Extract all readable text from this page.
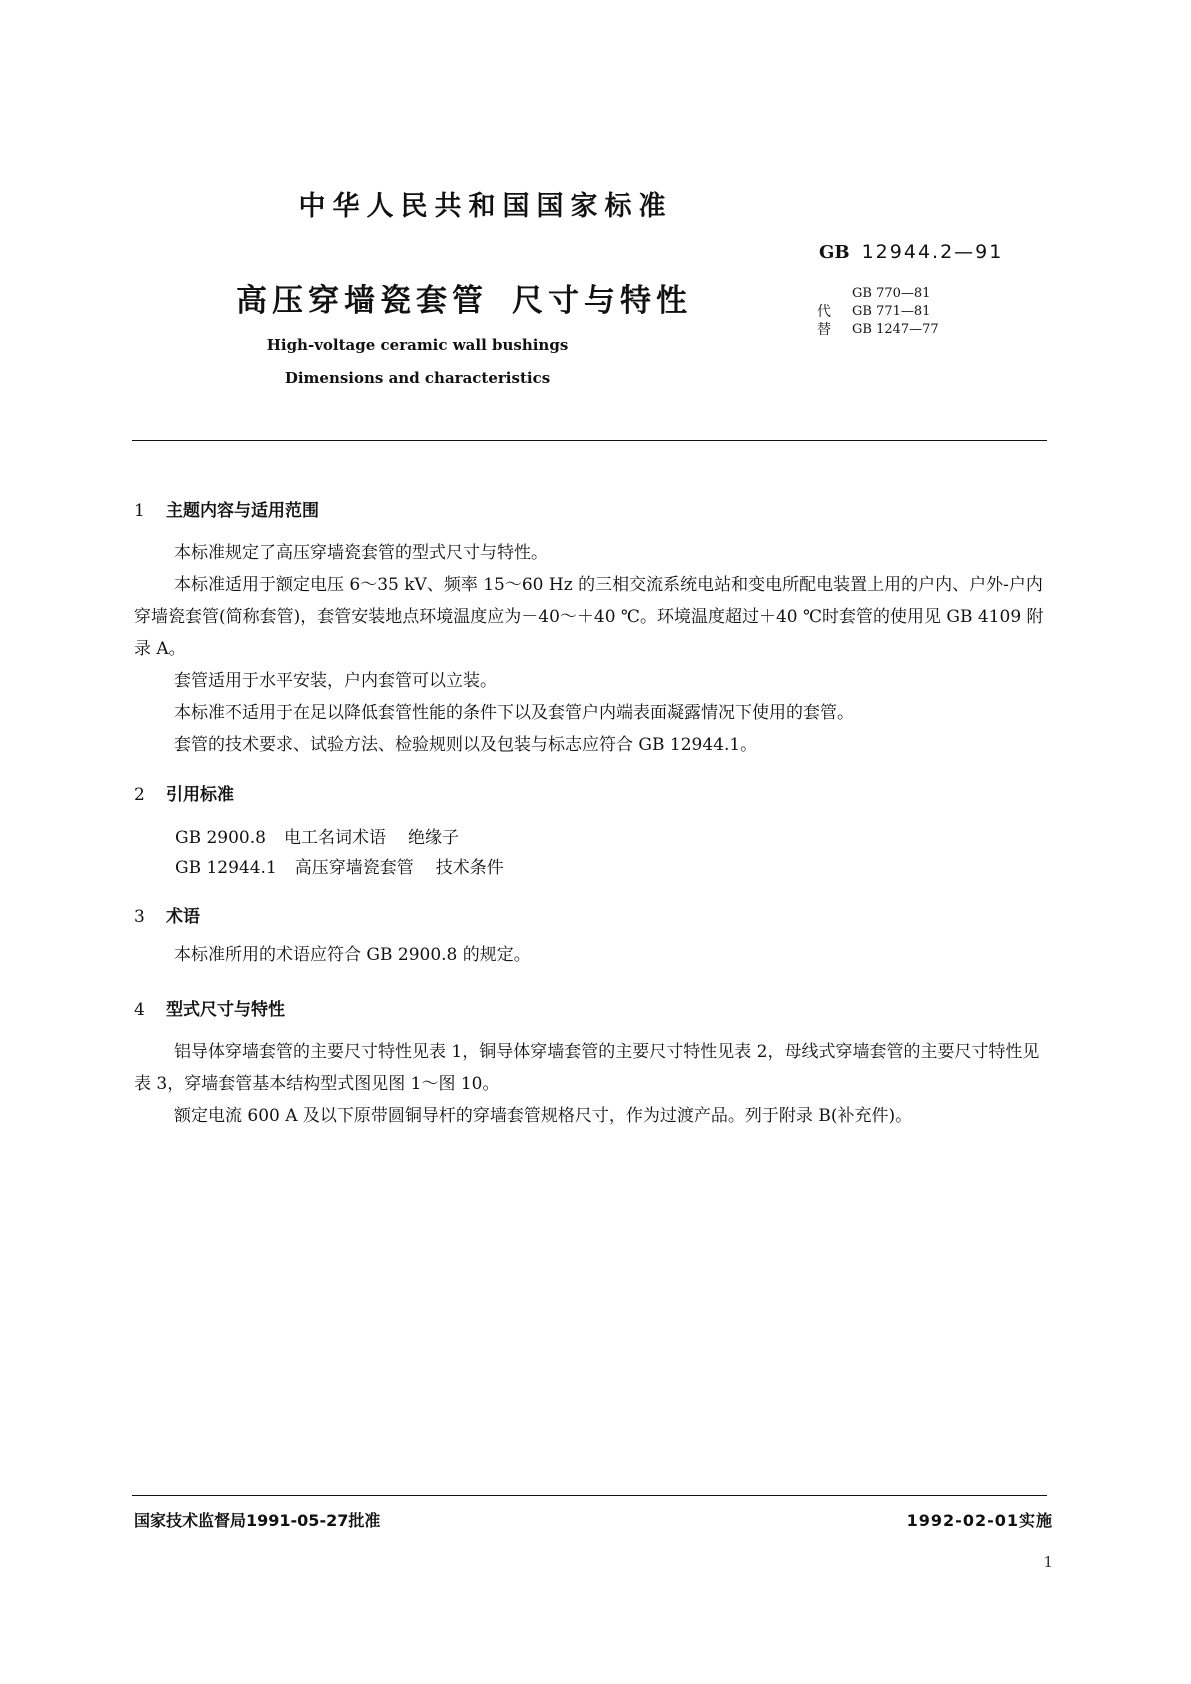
中华人民共和国国家标准
GB 12944.2—91
高压穿墙瓷套管 尺寸与特性	代替
GB 770—81
GB 771—81
GB 1247—77
High-voltage ceramic wall bushings
Dimensions and characteristics
1 主题内容与适用范围
本标准规定了高压穿墙瓷套管的型式尺寸与特性。
本标准适用于额定电压 6～35 kV、频率 15～60 Hz 的三相交流系统电站和变电所配电装置上用的户内、户外-户内穿墙瓷套管(简称套管)，套管安装地点环境温度应为－40～＋40 ℃。环境温度超过＋40 ℃时套管的使用见 GB 4109 附录 A。
套管适用于水平安装，户内套管可以立装。
本标准不适用于在足以降低套管性能的条件下以及套管户内端表面凝露情况下使用的套管。
套管的技术要求、试验方法、检验规则以及包装与标志应符合 GB 12944.1。
2 引用标准
GB 2900.8 电工名词术语 绝缘子
GB 12944.1 高压穿墙瓷套管 技术条件
3 术语
本标准所用的术语应符合 GB 2900.8 的规定。
4 型式尺寸与特性
铝导体穿墙套管的主要尺寸特性见表 1，铜导体穿墙套管的主要尺寸特性见表 2，母线式穿墙套管的主要尺寸特性见表 3，穿墙套管基本结构型式图见图 1～图 10。
额定电流 600 A 及以下原带圆铜导杆的穿墙套管规格尺寸，作为过渡产品。列于附录 B(补充件)。
国家技术监督局1991-05-27批准	1992-02-01实施
1
